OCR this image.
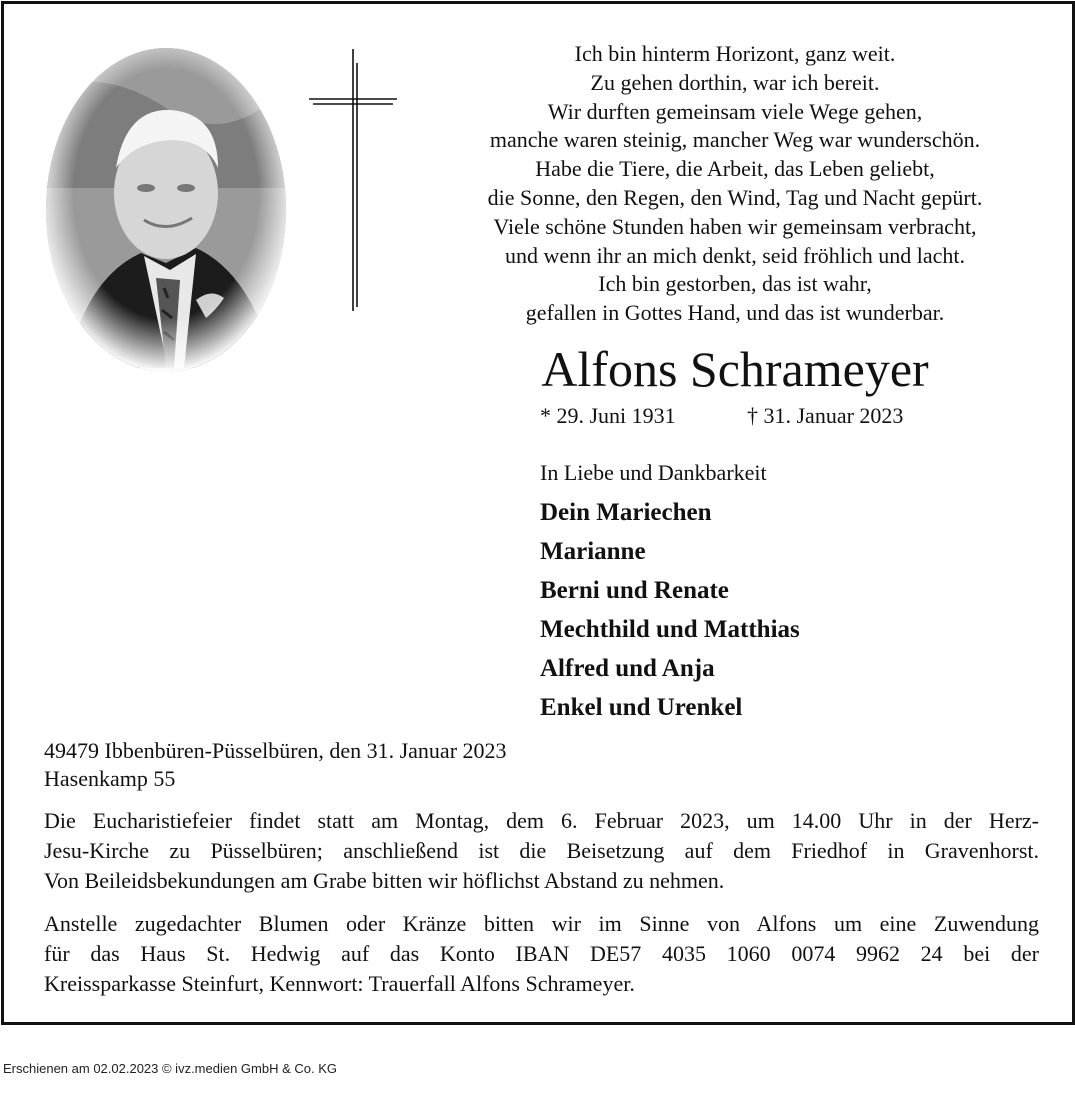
Ich bin hinterm Horizont, ganz weit.
Zu gehen dorthin, war ich bereit.
Wir durften gemeinsam viele Wege gehen,
manche waren steinig, mancher Weg war wunderschön.
Habe die Tiere, die Arbeit, das Leben geliebt,
die Sonne, den Regen, den Wind, Tag und Nacht gepürt.
Viele schöne Stunden haben wir gemeinsam verbracht,
und wenn ihr an mich denkt, seid fröhlich und lacht.
Ich bin gestorben, das ist wahr,
gefallen in Gottes Hand, und das ist wunderbar.
Alfons Schrameyer
* 29. Juni 1931	† 31. Januar 2023
In Liebe und Dankbarkeit
Dein Mariechen
Marianne
Berni und Renate
Mechthild und Matthias
Alfred und Anja
Enkel und Urenkel
49479 Ibbenbüren-Püsselbüren, den 31. Januar 2023
Hasenkamp 55

Die Eucharistiefeier findet statt am Montag, dem 6. Februar 2023, um 14.00 Uhr in der Herz-
Jesu-Kirche zu Püsselbüren; anschließend ist die Beisetzung auf dem Friedhof in Gravenhorst.
Von Beileidsbekundungen am Grabe bitten wir höflichst Abstand zu nehmen.

Anstelle zugedachter Blumen oder Kränze bitten wir im Sinne von Alfons um eine Zuwendung
für das Haus St. Hedwig auf das Konto IBAN DE57 4035 1060 0074 9962 24 bei der
Kreissparkasse Steinfurt, Kennwort: Trauerfall Alfons Schrameyer.

Erschienen am 02.02.2023 © ivz.medien GmbH & Co. KG
